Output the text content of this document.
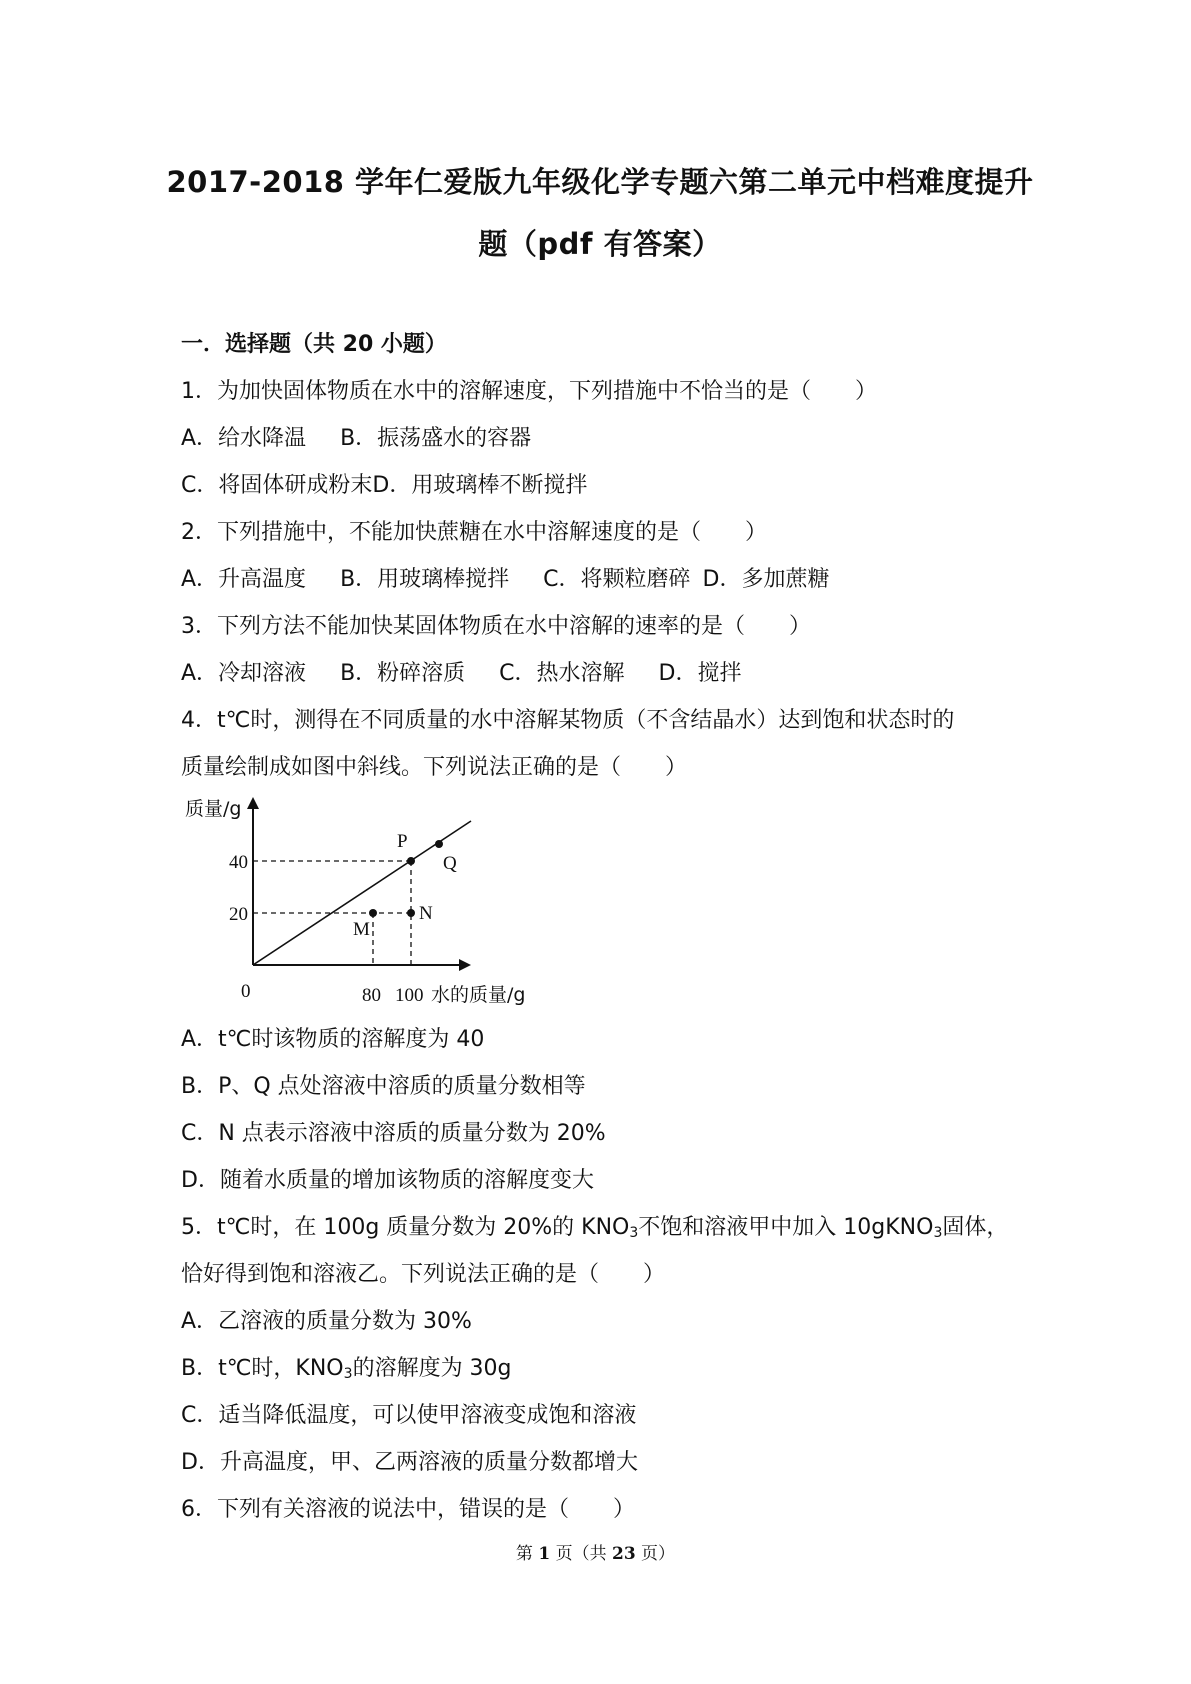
2017-2018 学年仁爱版九年级化学专题六第二单元中档难度提升
题（pdf 有答案）
一．选择题（共 20 小题）
1．为加快固体物质在水中的溶解速度，下列措施中不恰当的是（　　）
A．给水降温 B．振荡盛水的容器
C．将固体研成粉末D．用玻璃棒不断搅拌
2．下列措施中，不能加快蔗糖在水中溶解速度的是（　　）
A．升高温度 B．用玻璃棒搅拌 C．将颗粒磨碎 D．多加蔗糖
3．下列方法不能加快某固体物质在水中溶解的速率的是（　　）
A．冷却溶液 B．粉碎溶质 C．热水溶解 D．搅拌
4．t℃时，测得在不同质量的水中溶解某物质（不含结晶水）达到饱和状态时的
质量绘制成如图中斜线。下列说法正确的是（　　）
质量/g
40
20
0	80 100 水的质量/g
P
Q
M
N
A．t℃时该物质的溶解度为 40
B．P、Q 点处溶液中溶质的质量分数相等
C．N 点表示溶液中溶质的质量分数为 20%
D．随着水质量的增加该物质的溶解度变大
5．t℃时，在 100g 质量分数为 20%的 $KNO_3$不饱和溶液甲中加入 10gKNO$_3$固体，
恰好得到饱和溶液乙。下列说法正确的是（　　）
A．乙溶液的质量分数为 30%
B．t℃时，$KNO_3$的溶解度为 30g
C．适当降低温度，可以使甲溶液变成饱和溶液
D．升高温度，甲、乙两溶液的质量分数都增大
6．下列有关溶液的说法中，错误的是（　　）
第 1 页（共 23 页）
